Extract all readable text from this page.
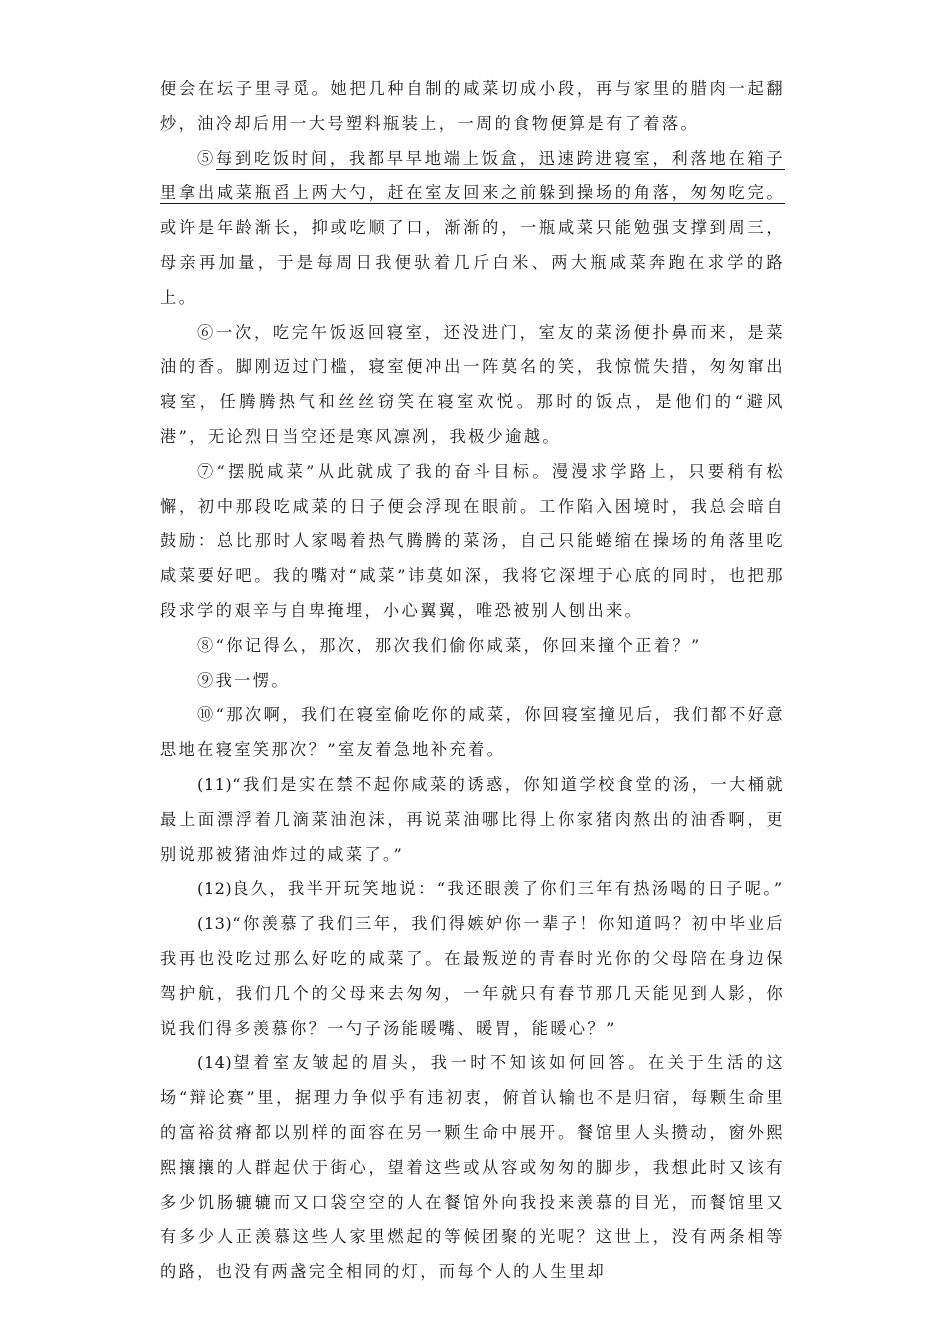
便会在坛子里寻觅。她把几种自制的咸菜切成小段，再与家里的腊肉一起翻炒，油冷却后用一大号塑料瓶装上，一周的食物便算是有了着落。

⑤每到吃饭时间，我都早早地端上饭盒，迅速跨进寝室，利落地在箱子里拿出咸菜瓶舀上两大勺，赶在室友回来之前躲到操场的角落，匆匆吃完。或许是年龄渐长，抑或吃顺了口，渐渐的，一瓶咸菜只能勉强支撑到周三，母亲再加量，于是每周日我便驮着几斤白米、两大瓶咸菜奔跑在求学的路上。

⑥一次，吃完午饭返回寝室，还没进门，室友的菜汤便扑鼻而来，是菜油的香。脚刚迈过门槛，寝室便冲出一阵莫名的笑，我惊慌失措，匆匆窜出寝室，任腾腾热气和丝丝窃笑在寝室欢悦。那时的饭点，是他们的“避风港”，无论烈日当空还是寒风凛冽，我极少逾越。

⑦“摆脱咸菜”从此就成了我的奋斗目标。漫漫求学路上，只要稍有松懈，初中那段吃咸菜的日子便会浮现在眼前。工作陷入困境时，我总会暗自鼓励：总比那时人家喝着热气腾腾的菜汤，自己只能蜷缩在操场的角落里吃咸菜要好吧。我的嘴对“咸菜”讳莫如深，我将它深埋于心底的同时，也把那段求学的艰辛与自卑掩埋，小心翼翼，唯恐被别人刨出来。

⑧“你记得么，那次，那次我们偷你咸菜，你回来撞个正着？”

⑨我一愣。

⑩“那次啊，我们在寝室偷吃你的咸菜，你回寝室撞见后，我们都不好意思地在寝室笑那次？”室友着急地补充着。

(11)“我们是实在禁不起你咸菜的诱惑，你知道学校食堂的汤，一大桶就最上面漂浮着几滴菜油泡沫，再说菜油哪比得上你家猪肉熬出的油香啊，更别说那被猪油炸过的咸菜了。”

(12)良久，我半开玩笑地说：“我还眼羡了你们三年有热汤喝的日子呢。”

(13)“你羡慕了我们三年，我们得嫉妒你一辈子！你知道吗？初中毕业后我再也没吃过那么好吃的咸菜了。在最叛逆的青春时光你的父母陪在身边保驾护航，我们几个的父母来去匆匆，一年就只有春节那几天能见到人影，你说我们得多羡慕你？一勺子汤能暖嘴、暖胃，能暖心？”

(14)望着室友皱起的眉头，我一时不知该如何回答。在关于生活的这场“辩论赛”里，据理力争似乎有违初衷，俯首认输也不是归宿，每颗生命里的富裕贫瘠都以别样的面容在另一颗生命中展开。餐馆里人头攒动，窗外熙熙攘攘的人群起伏于街心，望着这些或从容或匆匆的脚步，我想此时又该有多少饥肠辘辘而又口袋空空的人在餐馆外向我投来羡慕的目光，而餐馆里又有多少人正羡慕这些人家里燃起的等候团聚的光呢？这世上，没有两条相等的路，也没有两盏完全相同的灯，而每个人的人生里却
